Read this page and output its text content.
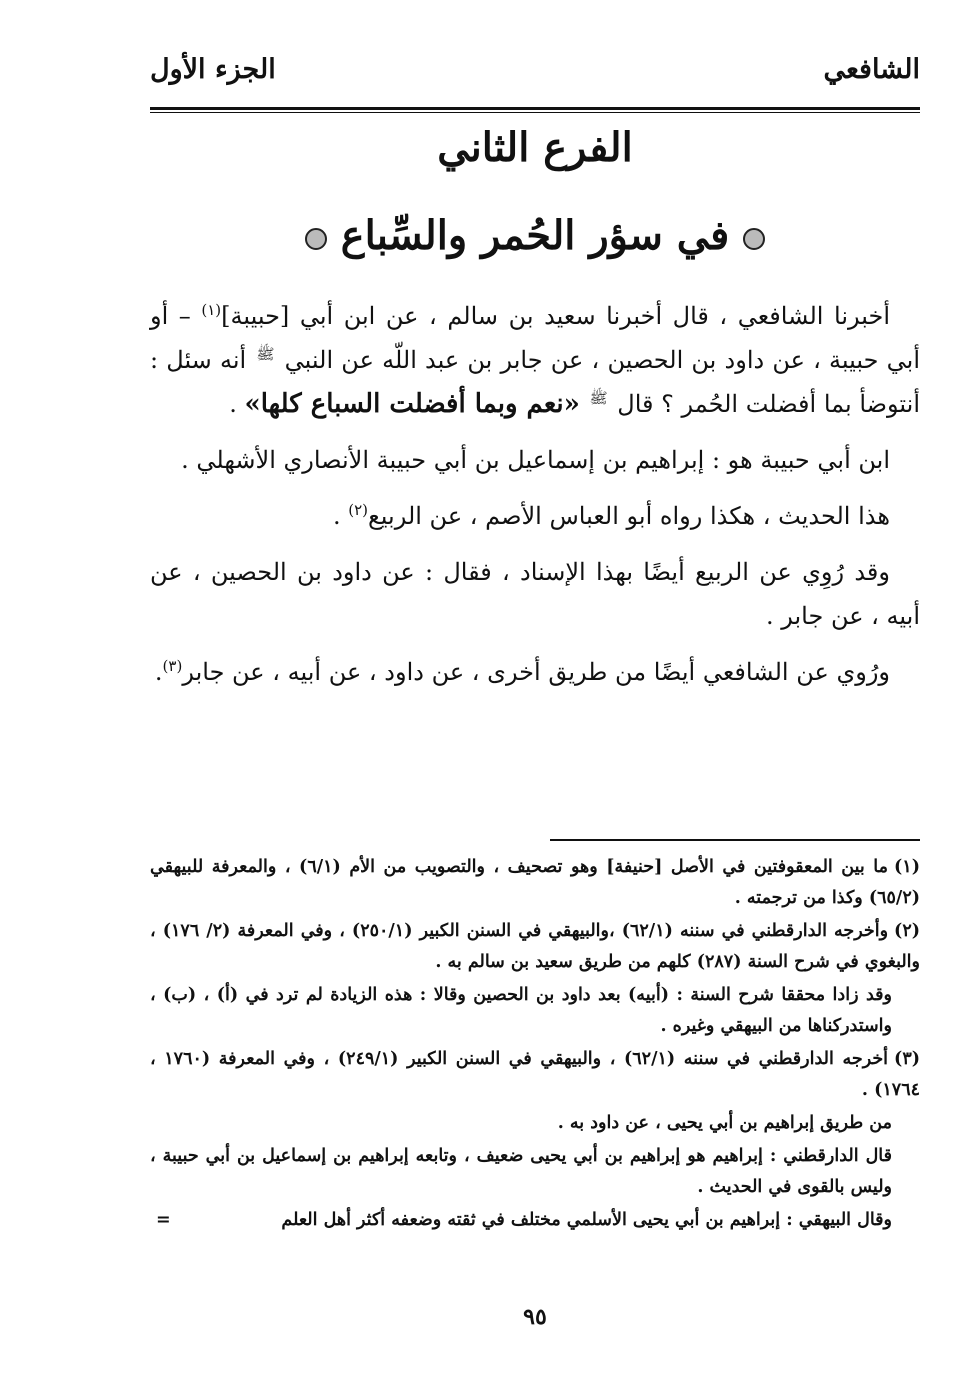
الشافعي
الجزء الأول
الفرع الثاني
في سؤر الحُمر والسِّباع

أخبرنا الشافعي ، قال أخبرنا سعيد بن سالم ، عن ابن أبي [حبيبة]$^{(١)}$ – أو أبي حبيبة ، عن داود بن الحصين ، عن جابر بن عبد اللّه عن النبي $^ﷺ$ أنه سئل : أنتوضأ بما أفضلت الحُمر ؟ قال $^ﷺ$ «نعم وبما أفضلت السباع كلها» .

ابن أبي حبيبة هو : إبراهيم بن إسماعيل بن أبي حبيبة الأنصاري الأشهلي .

هذا الحديث ، هكذا رواه أبو العباس الأصم ، عن الربيع$^{(٢)}$ .

وقد رُوِي عن الربيع أيضًا بهذا الإسناد ، فقال : عن داود بن الحصين ، عن أبيه ، عن جابر .

ورُوي عن الشافعي أيضًا من طريق أخرى ، عن داود ، عن أبيه ، عن جابر$^{(٣)}$.

(١)ما بين المعقوفتين في الأصل [حنيفة] وهو تصحيف ، والتصويب من الأم (٦/١) ، والمعرفة للبيهقي (٦٥/٢) وكذا من ترجمته .

(٢)وأخرجه الدارقطني في سننه (٦٢/١) ،والبيهقي في السنن الكبير (٢٥٠/١) ، وفي المعرفة (٢/ ١٧٦) ، والبغوي في شرح السنة (٢٨٧) كلهم من طريق سعيد بن سالم به .

وقد زادا محققا شرح السنة : (أبيه) بعد داود بن الحصين وقالا : هذه الزيادة لم ترد في (أ) ، (ب) ، واستدركناها من البيهقي وغيره .

(٣)أخرجه الدارقطني في سننه (٦٢/١) ، والبيهقي في السنن الكبير (٢٤٩/١) ، وفي المعرفة (١٧٦٠ ، ١٧٦٤) .

من طريق إبراهيم بن أبي يحيى ، عن داود به .

قال الدارقطني : إبراهيم هو إبراهيم بن أبي يحيى ضعيف ، وتابعه إبراهيم بن إسماعيل بن أبي حبيبة ، وليس بالقوى في الحديث .

وقال البيهقي : إبراهيم بن أبي يحيى الأسلمي مختلف في ثقته وضعفه أكثر أهل العلم
=

٩٥
